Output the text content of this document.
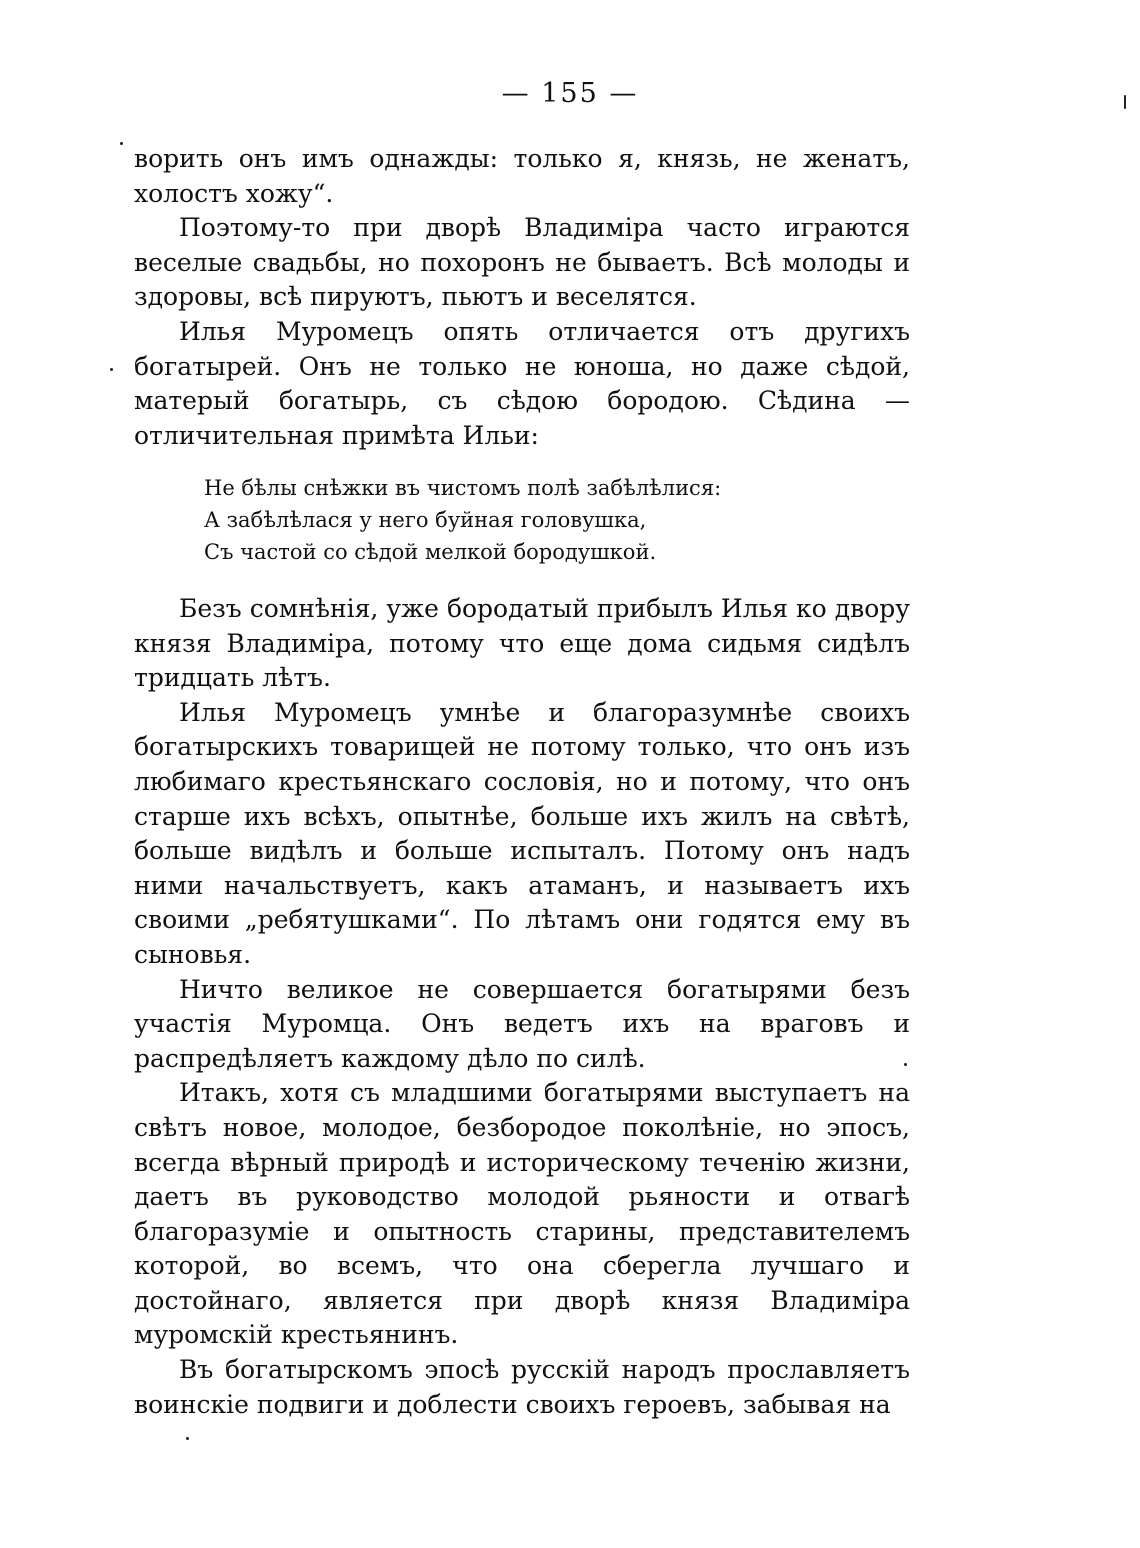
— 155 —

ворить онъ имъ однажды: только я, князь, не женатъ, холостъ хожу“.

Поэтому-то при дворѣ Владиміра часто играются веселые свадьбы, но похоронъ не бываетъ. Всѣ молоды и здоровы, всѣ пируютъ, пьютъ и веселятся.

Илья Муромецъ опять отличается отъ другихъ богатырей. Онъ не только не юноша, но даже сѣдой, матерый богатырь, съ сѣдою бородою. Сѣдина — отличительная примѣта Ильи:

Не бѣлы снѣжки въ чистомъ полѣ забѣлѣлися:
А забѣлѣлася у него буйная головушка,
Съ частой со сѣдой мелкой бородушкой.

Безъ сомнѣнія, уже бородатый прибылъ Илья ко двору князя Владиміра, потому что еще дома сидьмя сидѣлъ тридцать лѣтъ.

Илья Муромецъ умнѣе и благоразумнѣе своихъ богатырскихъ товарищей не потому только, что онъ изъ любимаго крестьянскаго сословія, но и потому, что онъ старше ихъ всѣхъ, опытнѣе, больше ихъ жилъ на свѣтѣ, больше видѣлъ и больше испыталъ. Потому онъ надъ ними начальствуетъ, какъ атаманъ, и называетъ ихъ своими „ребятушками“. По лѣтамъ они годятся ему въ сыновья.

Ничто великое не совершается богатырями безъ участія Муромца. Онъ ведетъ ихъ на враговъ и распредѣляетъ каждому дѣло по силѣ.

Итакъ, хотя съ младшими богатырями выступаетъ на свѣтъ новое, молодое, безбородое поколѣніе, но эпосъ, всегда вѣрный природѣ и историческому теченію жизни, даетъ въ руководство молодой рьяности и отвагѣ благоразуміе и опытность старины, представителемъ которой, во всемъ, что она сберегла лучшаго и достойнаго, является при дворѣ князя Владиміра муромскій крестьянинъ.

Въ богатырскомъ эпосѣ русскій народъ прославляетъ воинскіе подвиги и доблести своихъ героевъ, забывая на
